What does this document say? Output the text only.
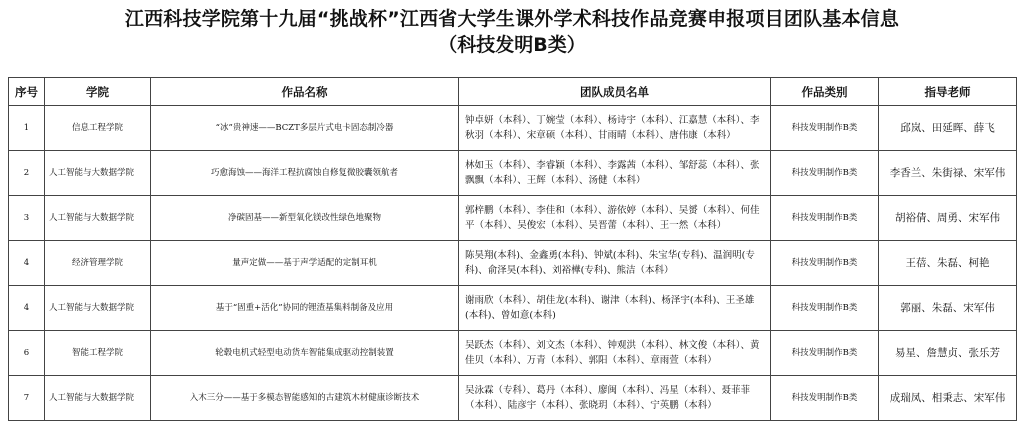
江西科技学院第十九届“挑战杯”江西省大学生课外学术科技作品竞赛申报项目团队基本信息
（科技发明B类）
序号	学院	作品名称	团队成员名单	作品类别	指导老师
1	信息工程学院	“冰”贵神速——BCZT多层片式电卡固态制冷器	钟卓妍（本科）、丁婉莹（本科）、杨诗宇（本科）、江嘉慧（本科）、李秋羽（本科）、宋章硕（本科）、甘雨晴（本科）、唐伟康（本科）	科技发明制作B类	邱岚、田延晖、薛飞
2	人工智能与大数据学院	巧愈海蚀——海洋工程抗腐蚀自修复微胶囊领航者	林如玉（本科）、李睿颖（本科）、李露茜（本科）、邹舒蕊（本科）、张飘飘（本科）、王辉（本科）、汤健（本科）	科技发明制作B类	李香兰、朱街禄、宋军伟
3	人工智能与大数据学院	净碳固基——新型氧化镁改性绿色地聚物	郭梓鹏（本科）、李佳和（本科）、游依婷（本科）、吴赟（本科）、何佳平（本科）、吴俊宏（本科）、吴晋蕾（本科）、王一然（本科）	科技发明制作B类	胡裕倩、周勇、宋军伟
4	经济管理学院	量声定做——基于声学适配的定制耳机	陈昊翔(本科)、金鑫勇(本科)、钟斌(本科)、朱宝华(专科)、温润明(专科)、俞泽昊(本科)、刘裕樺(专科)、熊洁（本科）	科技发明制作B类	王蓓、朱磊、柯艳
4	人工智能与大数据学院	基于“固重+活化”协同的锂渣基集料制备及应用	谢雨欣（本科）、胡佳龙(本科)、谢津（本科)、杨泽宇(本科)、王圣雄(本科)、曾如意(本科)	科技发明制作B类	郭丽、朱磊、宋军伟
6	智能工程学院	轮毂电机式轻型电动货车智能集成驱动控制装置	吴跃杰（本科）、刘文杰（本科）、钟观洪（本科）、林文俊（本科）、黄佳贝（本科）、万青（本科）、郭阳（本科）、章雨萱（本科）	科技发明制作B类	易星、詹慧贞、张乐芳
7	人工智能与大数据学院	入木三分——基于多模态智能感知的古建筑木材健康诊断技术	吴泳霖（专科）、葛丹（本科）、廖闽（本科）、冯星（本科）、聂菲菲（本科）、陆彦宇（本科）、张晓玥（本科）、宁英鹏（本科）	科技发明制作B类	成瑞凤、相秉志、宋军伟
